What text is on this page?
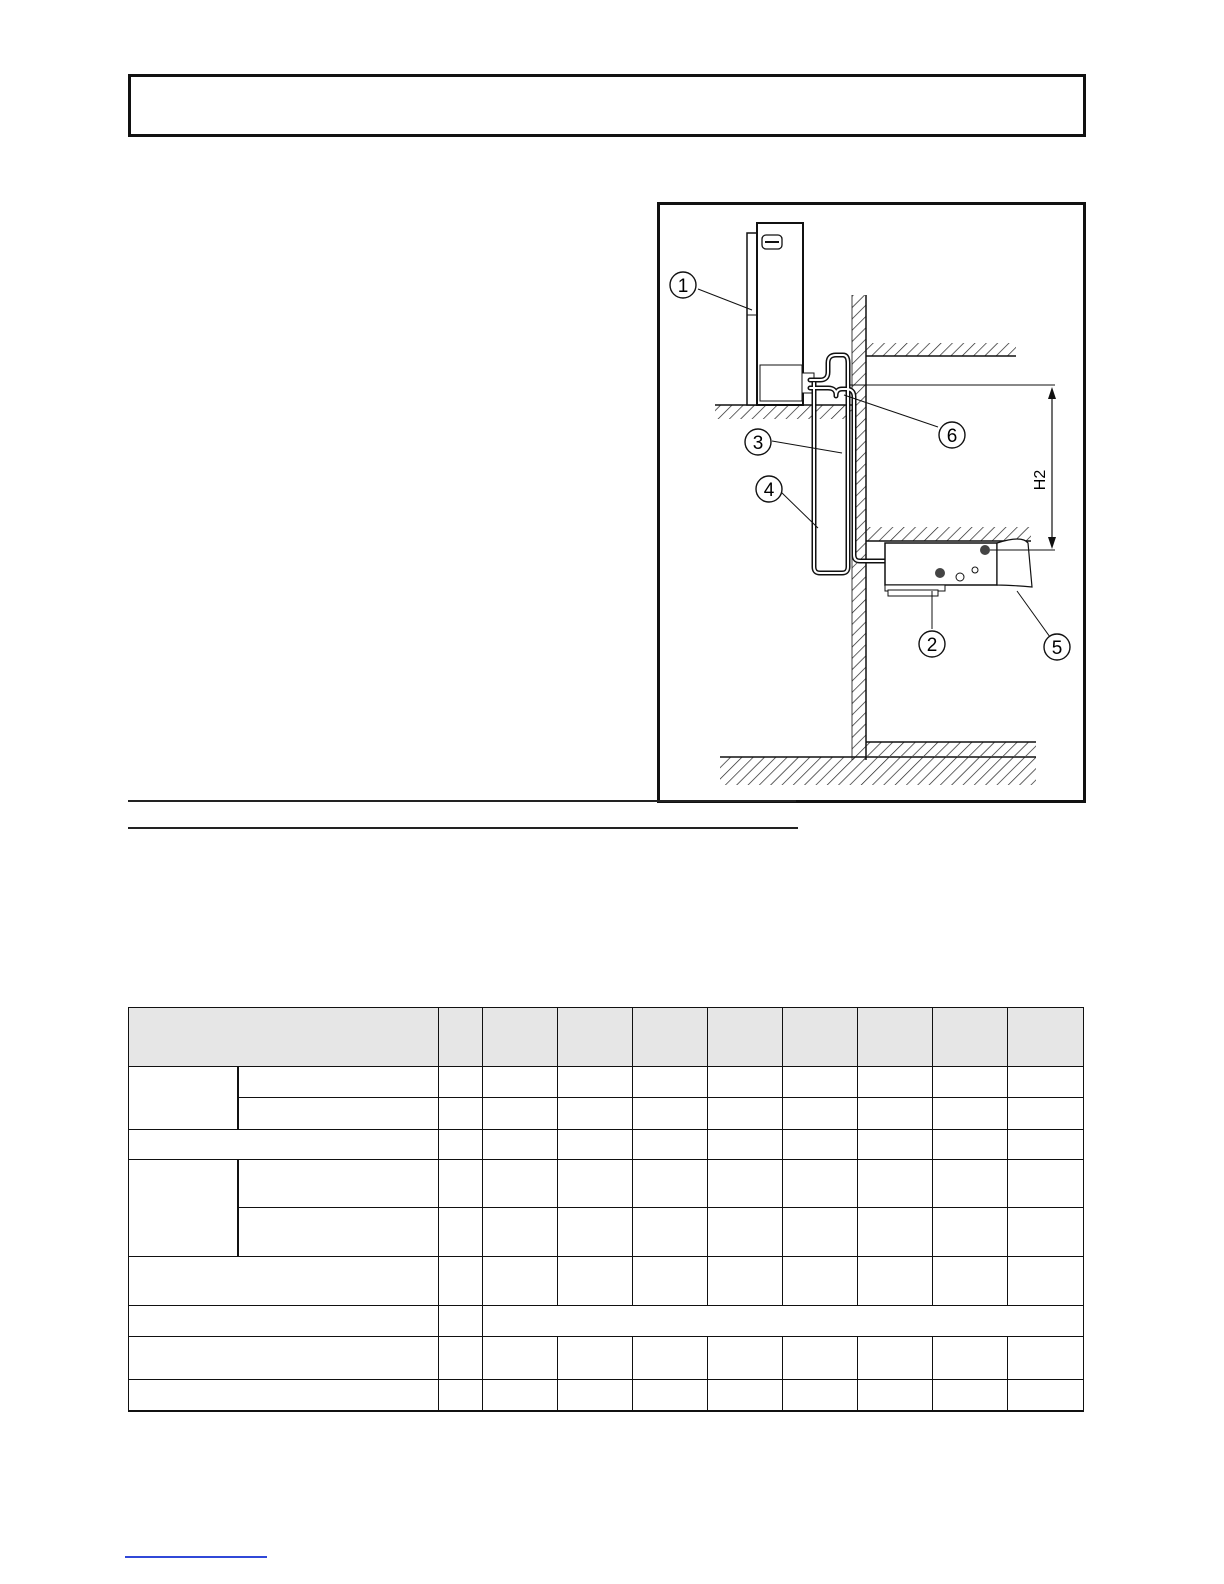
H2
1
3
4
6
2	5
